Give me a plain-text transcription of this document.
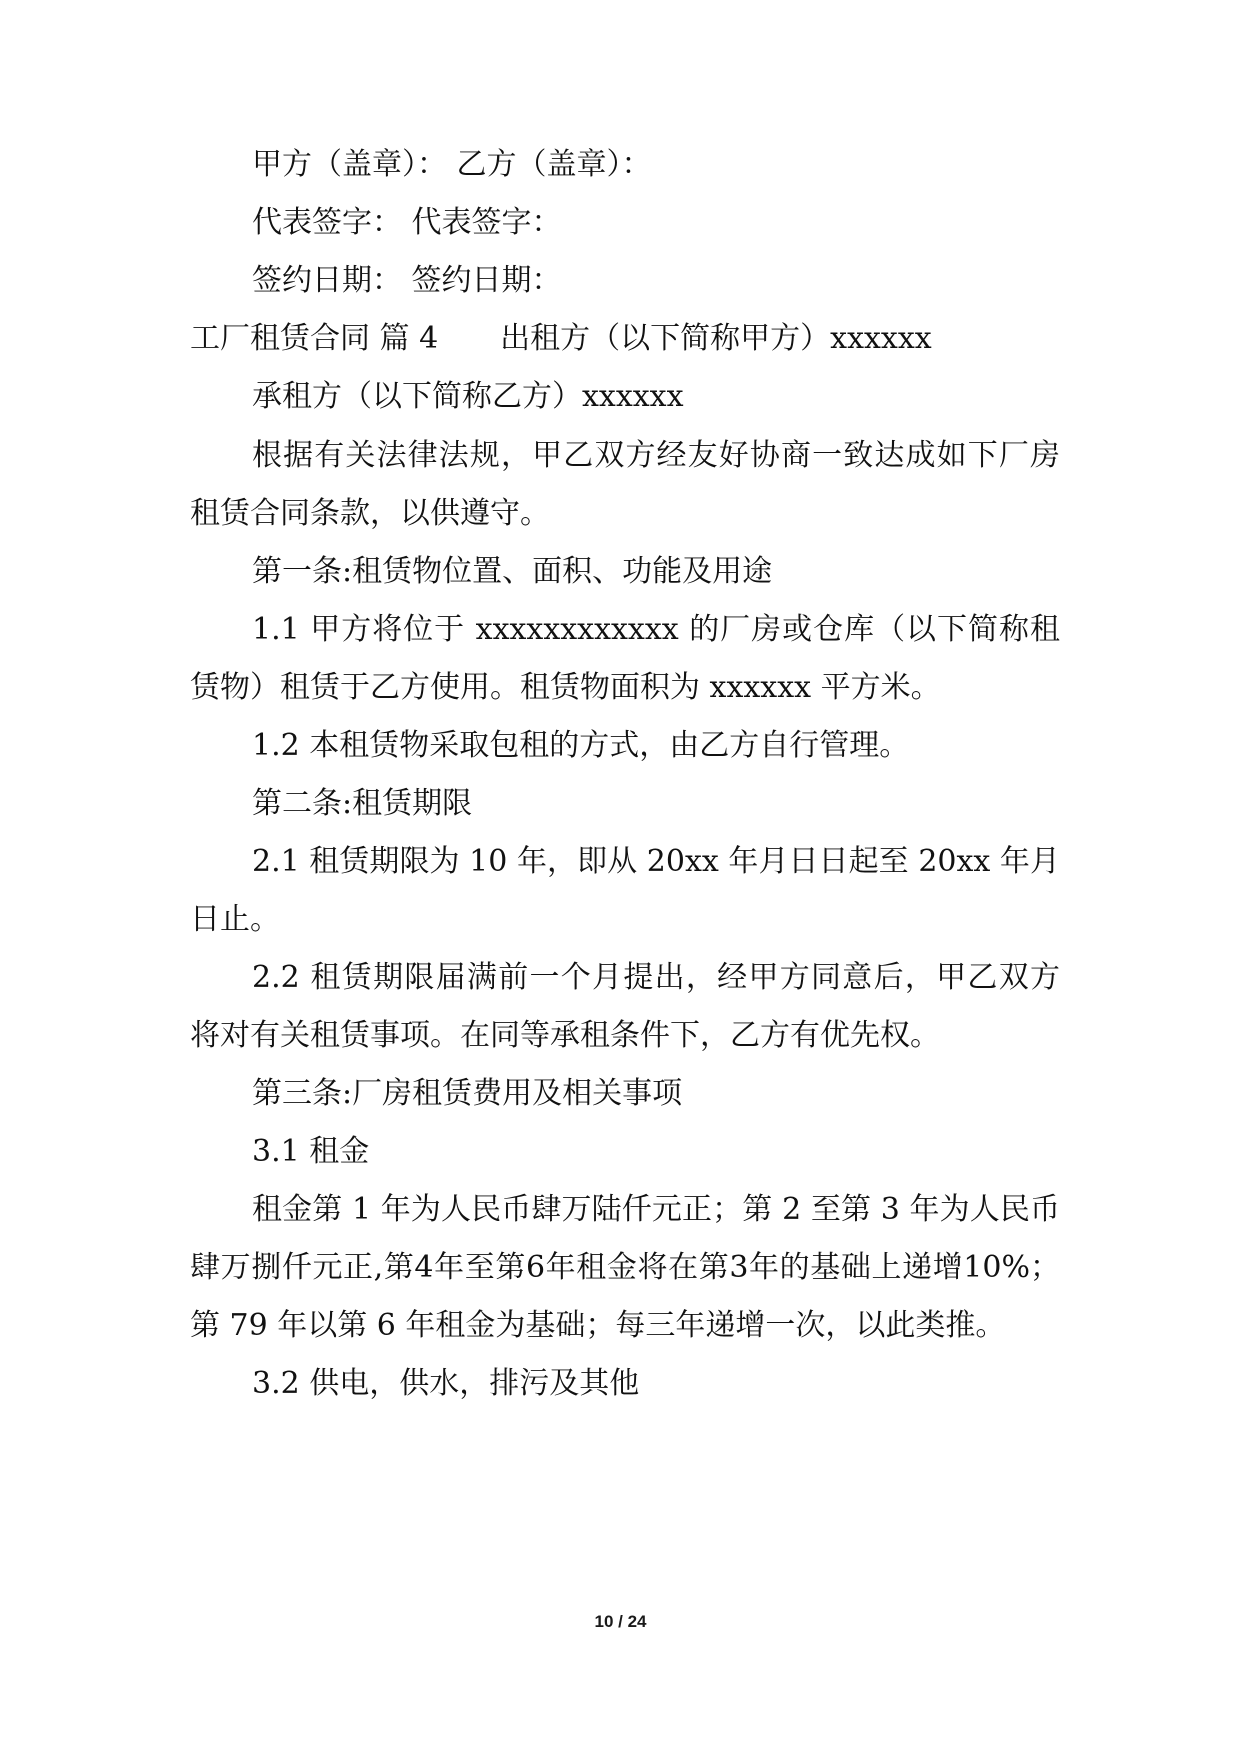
甲方（盖章）： 乙方（盖章）：
代表签字： 代表签字：
签约日期： 签约日期：
工厂租赁合同 篇 4 出租方（以下简称甲方）xxxxxx
承租方（以下简称乙方）xxxxxx
根据有关法律法规，甲乙双方经友好协商一致达成如下厂房
租赁合同条款，以供遵守。
第一条:租赁物位置、面积、功能及用途
1.1 甲方将位于 xxxxxxxxxxxx 的厂房或仓库（以下简称租
赁物）租赁于乙方使用。租赁物面积为 xxxxxx 平方米。
1.2 本租赁物采取包租的方式，由乙方自行管理。
第二条:租赁期限
2.1 租赁期限为 10 年，即从 20xx 年月日日起至 20xx 年月
日止。
2.2 租赁期限届满前一个月提出，经甲方同意后，甲乙双方
将对有关租赁事项。在同等承租条件下，乙方有优先权。
第三条:厂房租赁费用及相关事项
3.1 租金
租金第 1 年为人民币肆万陆仟元正；第 2 至第 3 年为人民币
肆万捌仟元正,第4年至第6年租金将在第3年的基础上递增10%；
第 79 年以第 6 年租金为基础；每三年递增一次，以此类推。
3.2 供电，供水，排污及其他
10 / 24
